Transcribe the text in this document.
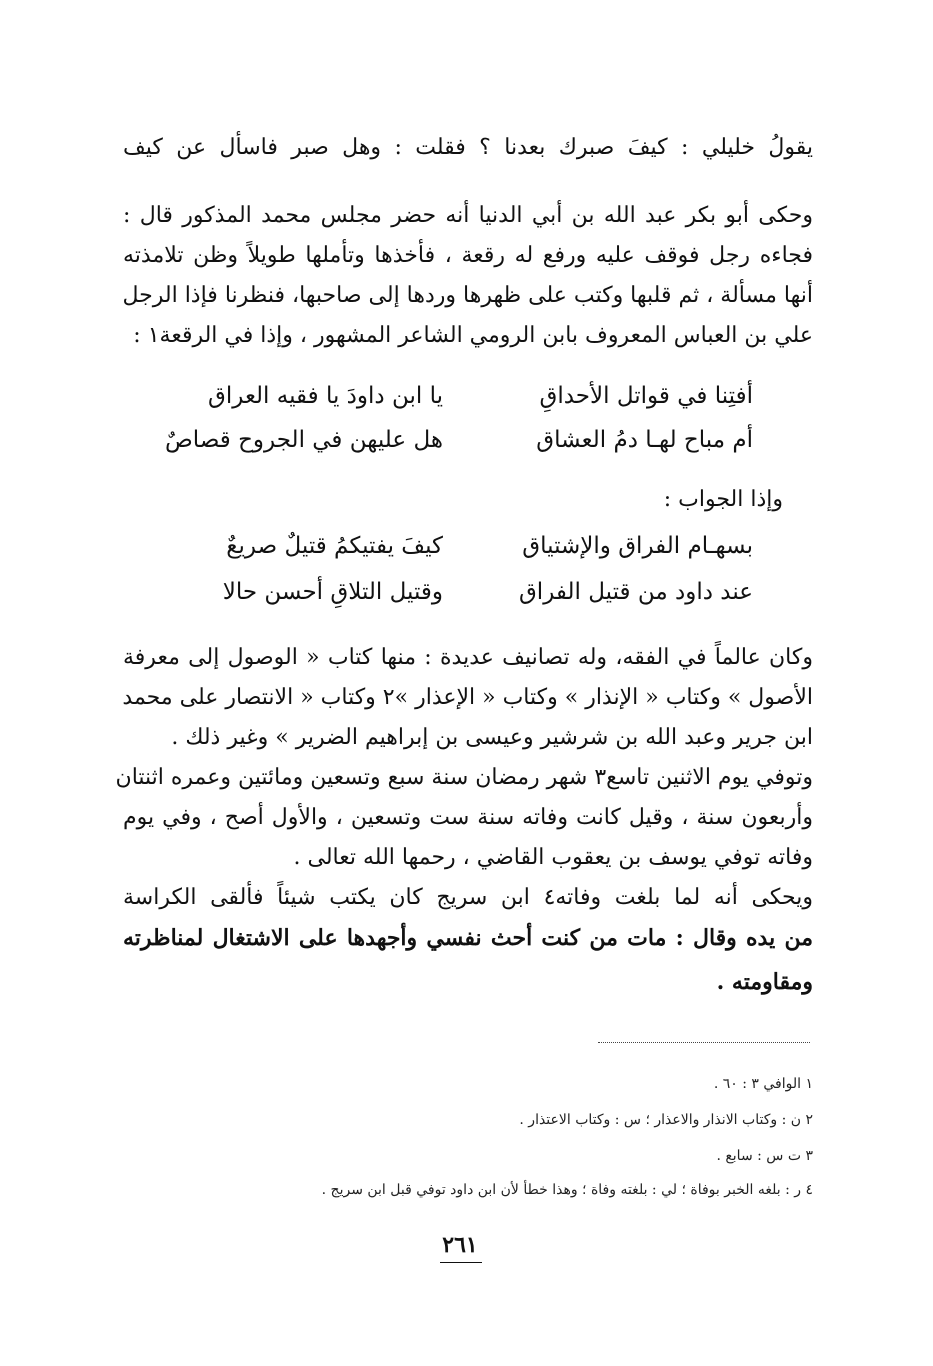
يقولُ خليلي : كيفَ صبرك بعدنا ؟ فقلت : وهل صبر فاسأل عن كيف
وحكى أبو بكر عبد الله بن أبي الدنيا أنه حضر مجلس محمد المذكور قال :
فجاءه رجل فوقف عليه ورفع له رقعة ، فأخذها وتأملها طويلاً وظن تلامذته
أنها مسألة ، ثم قلبها وكتب على ظهرها وردها إلى صاحبها، فنظرنا فإذا الرجل
علي بن العباس المعروف بابن الرومي الشاعر المشهور ، وإذا في الرقعة١ :
يا ابن داودَ يا فقيه العراق	أفتِنا في قواتل الأحداقِ
هل عليهن في الجروح قصاصٌ	أم مباح لهـا دمُ العشاق
وإذا الجواب :
كيفَ يفتيكمُ قتيلٌ صريعٌ	بسهـام الفراق والإشتياق
وقتيل التلاقِ أحسن حالا	عند داود من قتيل الفراق
وكان عالماً في الفقه، وله تصانيف عديدة : منها كتاب « الوصول إلى معرفة
الأصول » وكتاب « الإنذار » وكتاب « الإعذار »٢ وكتاب « الانتصار على محمد
ابن جرير وعبد الله بن شرشير وعيسى بن إبراهيم الضرير » وغير ذلك .
وتوفي يوم الاثنين تاسع٣ شهر رمضان سنة سبع وتسعين ومائتين وعمره اثنتان
وأربعون سنة ، وقيل كانت وفاته سنة ست وتسعين ، والأول أصح ، وفي يوم
وفاته توفي يوسف بن يعقوب القاضي ، رحمها الله تعالى .
ويحكى أنه لما بلغت وفاته٤ ابن سريج كان يكتب شيئاً فألقى الكراسة
من يده وقال : مات من كنت أحث نفسي وأجهدها على الاشتغال لمناظرته
ومقاومته .
١ الوافي ٣ : ٦٠ .
٢ ن : وكتاب الانذار والاعذار ؛ س : وكتاب الاعتذار .
٣ ت س : سابع .
٤ ر : بلغه الخبر بوفاة ؛ لي : بلغته وفاة ؛ وهذا خطأ لأن ابن داود توفي قبل ابن سريج .
٢٦١
